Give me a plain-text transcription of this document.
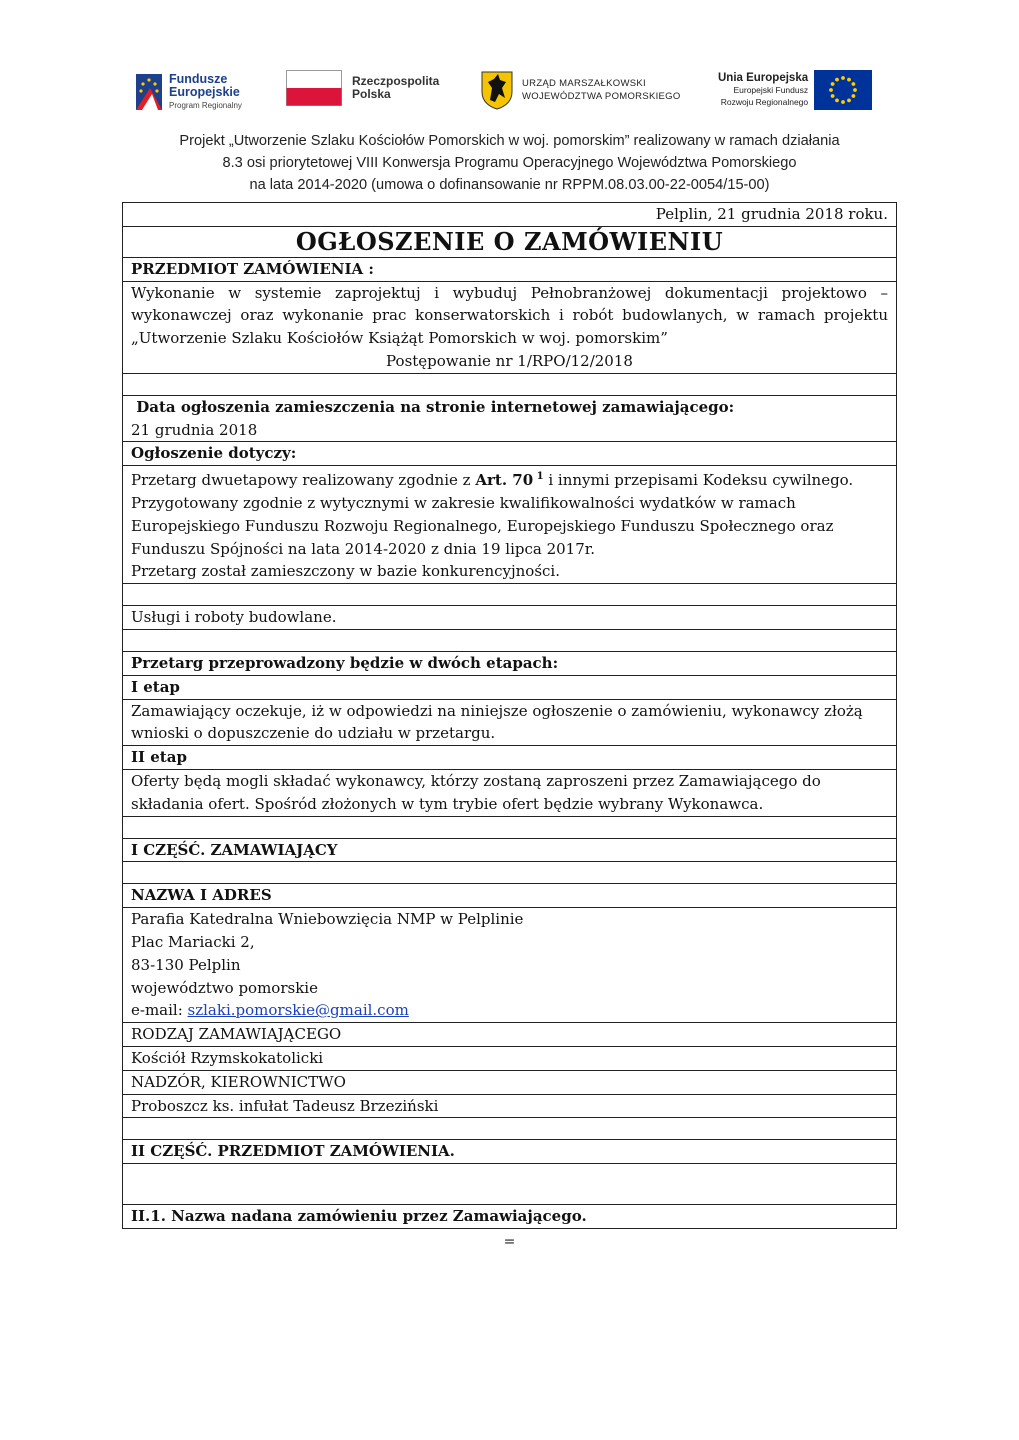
Fundusze
Europejskie
Program Regionalny
Rzeczpospolita
Polska
URZĄD MARSZAŁKOWSKI
WOJEWÓDZTWA POMORSKIEGO
Unia Europejska

Europejski Fundusz
Rozwoju Regionalnego
Projekt „Utworzenie Szlaku Kościołów Pomorskich w woj. pomorskim” realizowany w ramach działania
8.3 osi priorytetowej VIII Konwersja Programu Operacyjnego Województwa Pomorskiego
na lata 2014-2020 (umowa o dofinansowanie nr RPPM.08.03.00-22-0054/15-00)
Pelplin, 21 grudnia 2018 roku.
OGŁOSZENIE O ZAMÓWIENIU
PRZEDMIOT ZAMÓWIENIA :

Wykonanie w systemie zaprojektuj i wybuduj Pełnobranżowej dokumentacji projektowo – wykonawczej oraz wykonanie prac konserwatorskich i robót budowlanych, w ramach projektu „Utworzenie Szlaku Kościołów Książąt Pomorskich w woj. pomorskim”
Postępowanie nr 1/RPO/12/2018

Data ogłoszenia zamieszczenia na stronie internetowej zamawiającego:
21 grudnia 2018

Ogłoszenie dotyczy:

Przetarg dwuetapowy realizowany zgodnie z Art. 70 $^1$ i innymi przepisami Kodeksu cywilnego. Przygotowany zgodnie z wytycznymi w zakresie kwalifikowalności wydatków w ramach Europejskiego Funduszu Rozwoju Regionalnego, Europejskiego Funduszu Społecznego oraz Funduszu Spójności na lata 2014-2020 z dnia 19 lipca 2017r.
Przetarg został zamieszczony w bazie konkurencyjności.

Usługi i roboty budowlane.

Przetarg przeprowadzony będzie w dwóch etapach:
I etap
Zamawiający oczekuje, iż w odpowiedzi na niniejsze ogłoszenie o zamówieniu, wykonawcy złożą wnioski o dopuszczenie do udziału w przetargu.
II etap
Oferty będą mogli składać wykonawcy, którzy zostaną zaproszeni przez Zamawiającego do składania ofert. Spośród złożonych w tym trybie ofert będzie wybrany Wykonawca.

I CZĘŚĆ. ZAMAWIAJĄCY

NAZWA I ADRES

Parafia Katedralna Wniebowzięcia NMP w Pelplinie
Plac Mariacki 2,
83-130 Pelplin
województwo pomorskie
e-mail: szlaki.pomorskie@gmail.com

RODZAJ ZAMAWIAJĄCEGO
Kościół Rzymskokatolicki
NADZÓR, KIEROWNICTWO
Proboszcz ks. infułat Tadeusz Brzeziński

II CZĘŚĆ. PRZEDMIOT ZAMÓWIENIA.

II.1. Nazwa nadana zamówieniu przez Zamawiającego.
=
